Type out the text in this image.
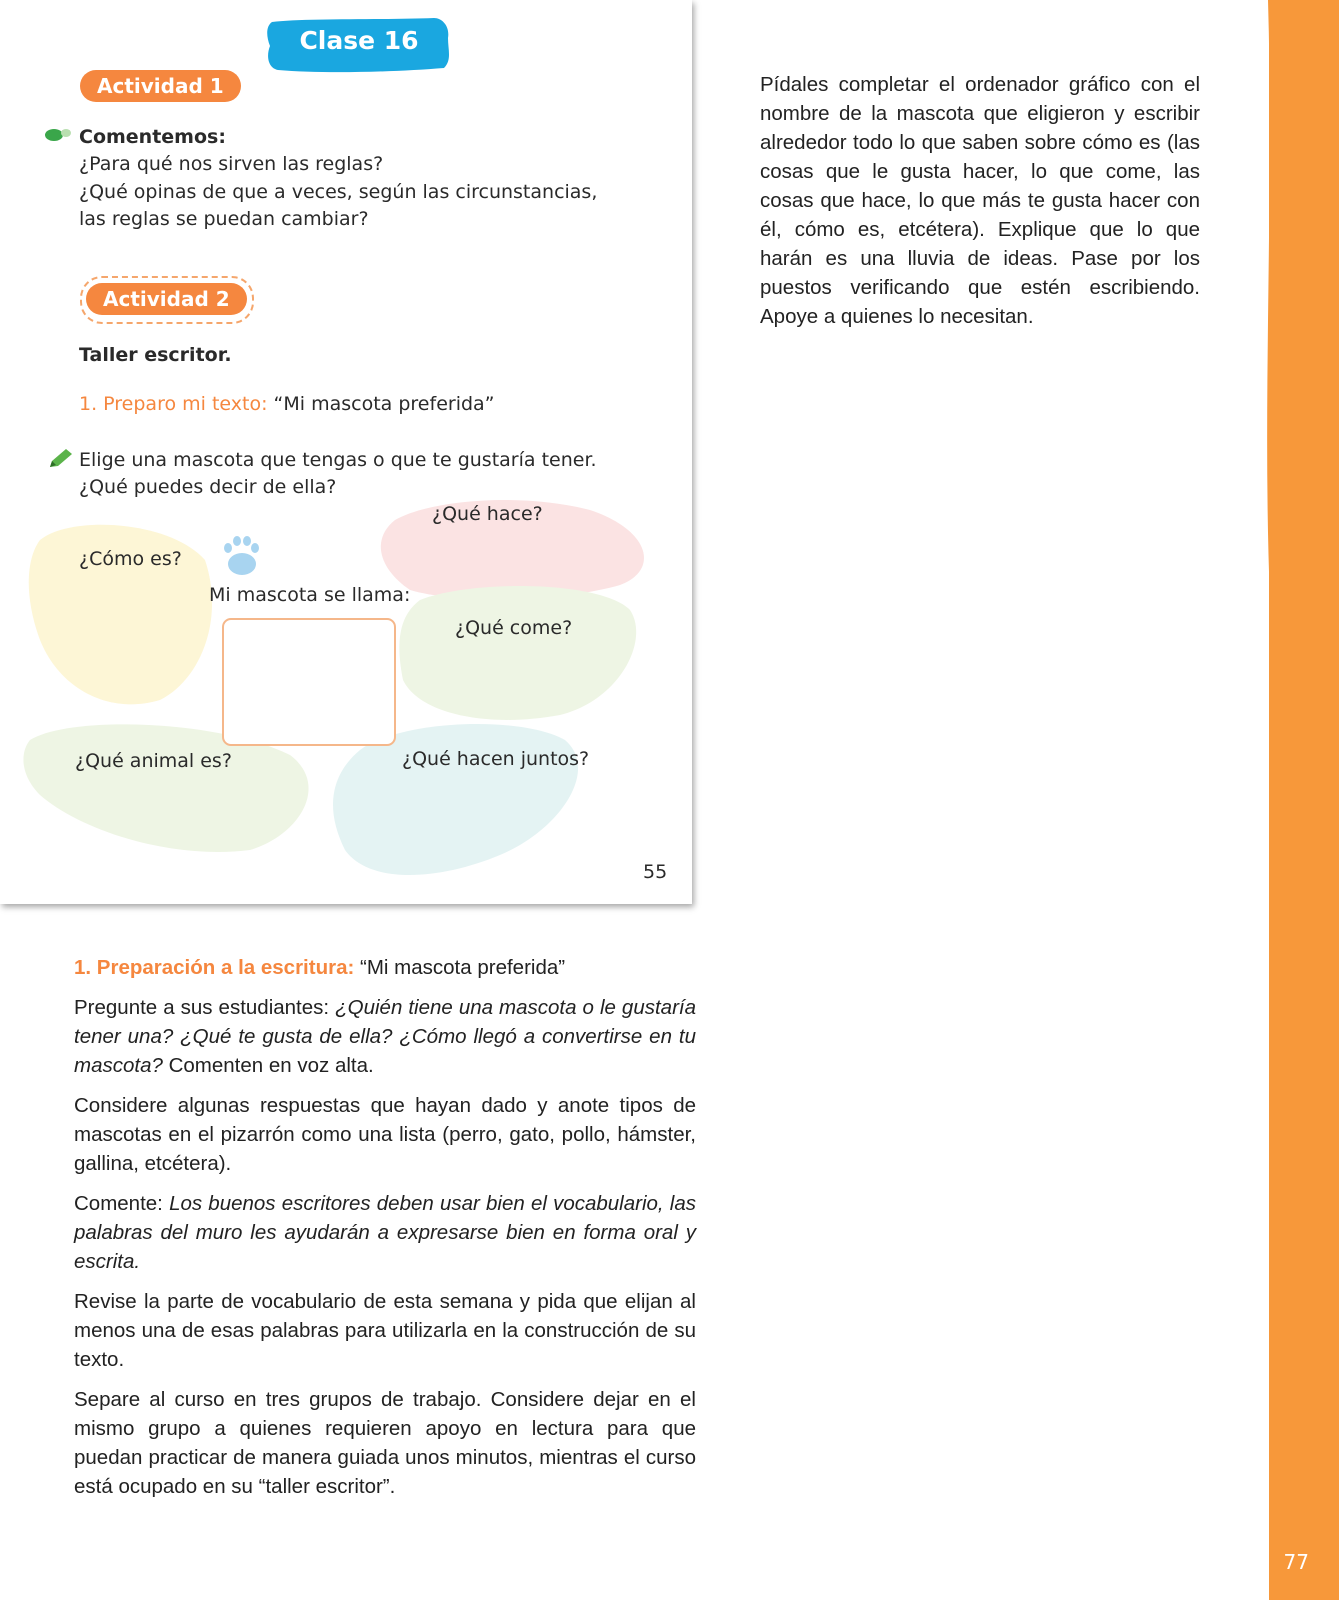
77
Clase 16
Actividad 1
Comentemos:
¿Para qué nos sirven las reglas?
¿Qué opinas de que a veces, según las circunstancias,
las reglas se puedan cambiar?
Actividad 2
Taller escritor.
1. Preparo mi texto: “Mi mascota preferida”
Elige una mascota que tengas o que te gustaría tener.
¿Qué puedes decir de ella?
¿Qué hace?
¿Cómo es?
Mi mascota se llama:
¿Qué come?
¿Qué animal es?	¿Qué hacen juntos?
55
Pídales completar el ordenador gráfico con el nombre de la mascota que eligieron y escribir alrededor todo lo que saben sobre cómo es (las cosas que le gusta hacer, lo que come, las cosas que hace, lo que más te gusta hacer con él, cómo es, etcétera). Explique que lo que harán es una lluvia de ideas. Pase por los puestos verificando que estén escribiendo. Apoye a quienes lo necesitan.

1. Preparación a la escritura: “Mi mascota preferida”

Pregunte a sus estudiantes: ¿Quién tiene una mascota o le gustaría tener una? ¿Qué te gusta de ella? ¿Cómo llegó a convertirse en tu mascota? Comenten en voz alta.

Considere algunas respuestas que hayan dado y anote tipos de mascotas en el pizarrón como una lista (perro, gato, pollo, hámster, gallina, etcétera).

Comente: Los buenos escritores deben usar bien el vocabulario, las palabras del muro les ayudarán a expresarse bien en forma oral y escrita.

Revise la parte de vocabulario de esta semana y pida que elijan al menos una de esas palabras para utilizarla en la construcción de su texto.

Separe al curso en tres grupos de trabajo. Considere dejar en el mismo grupo a quienes requieren apoyo en lectura para que puedan practicar de manera guiada unos minutos, mientras el curso está ocupado en su “taller escritor”.
